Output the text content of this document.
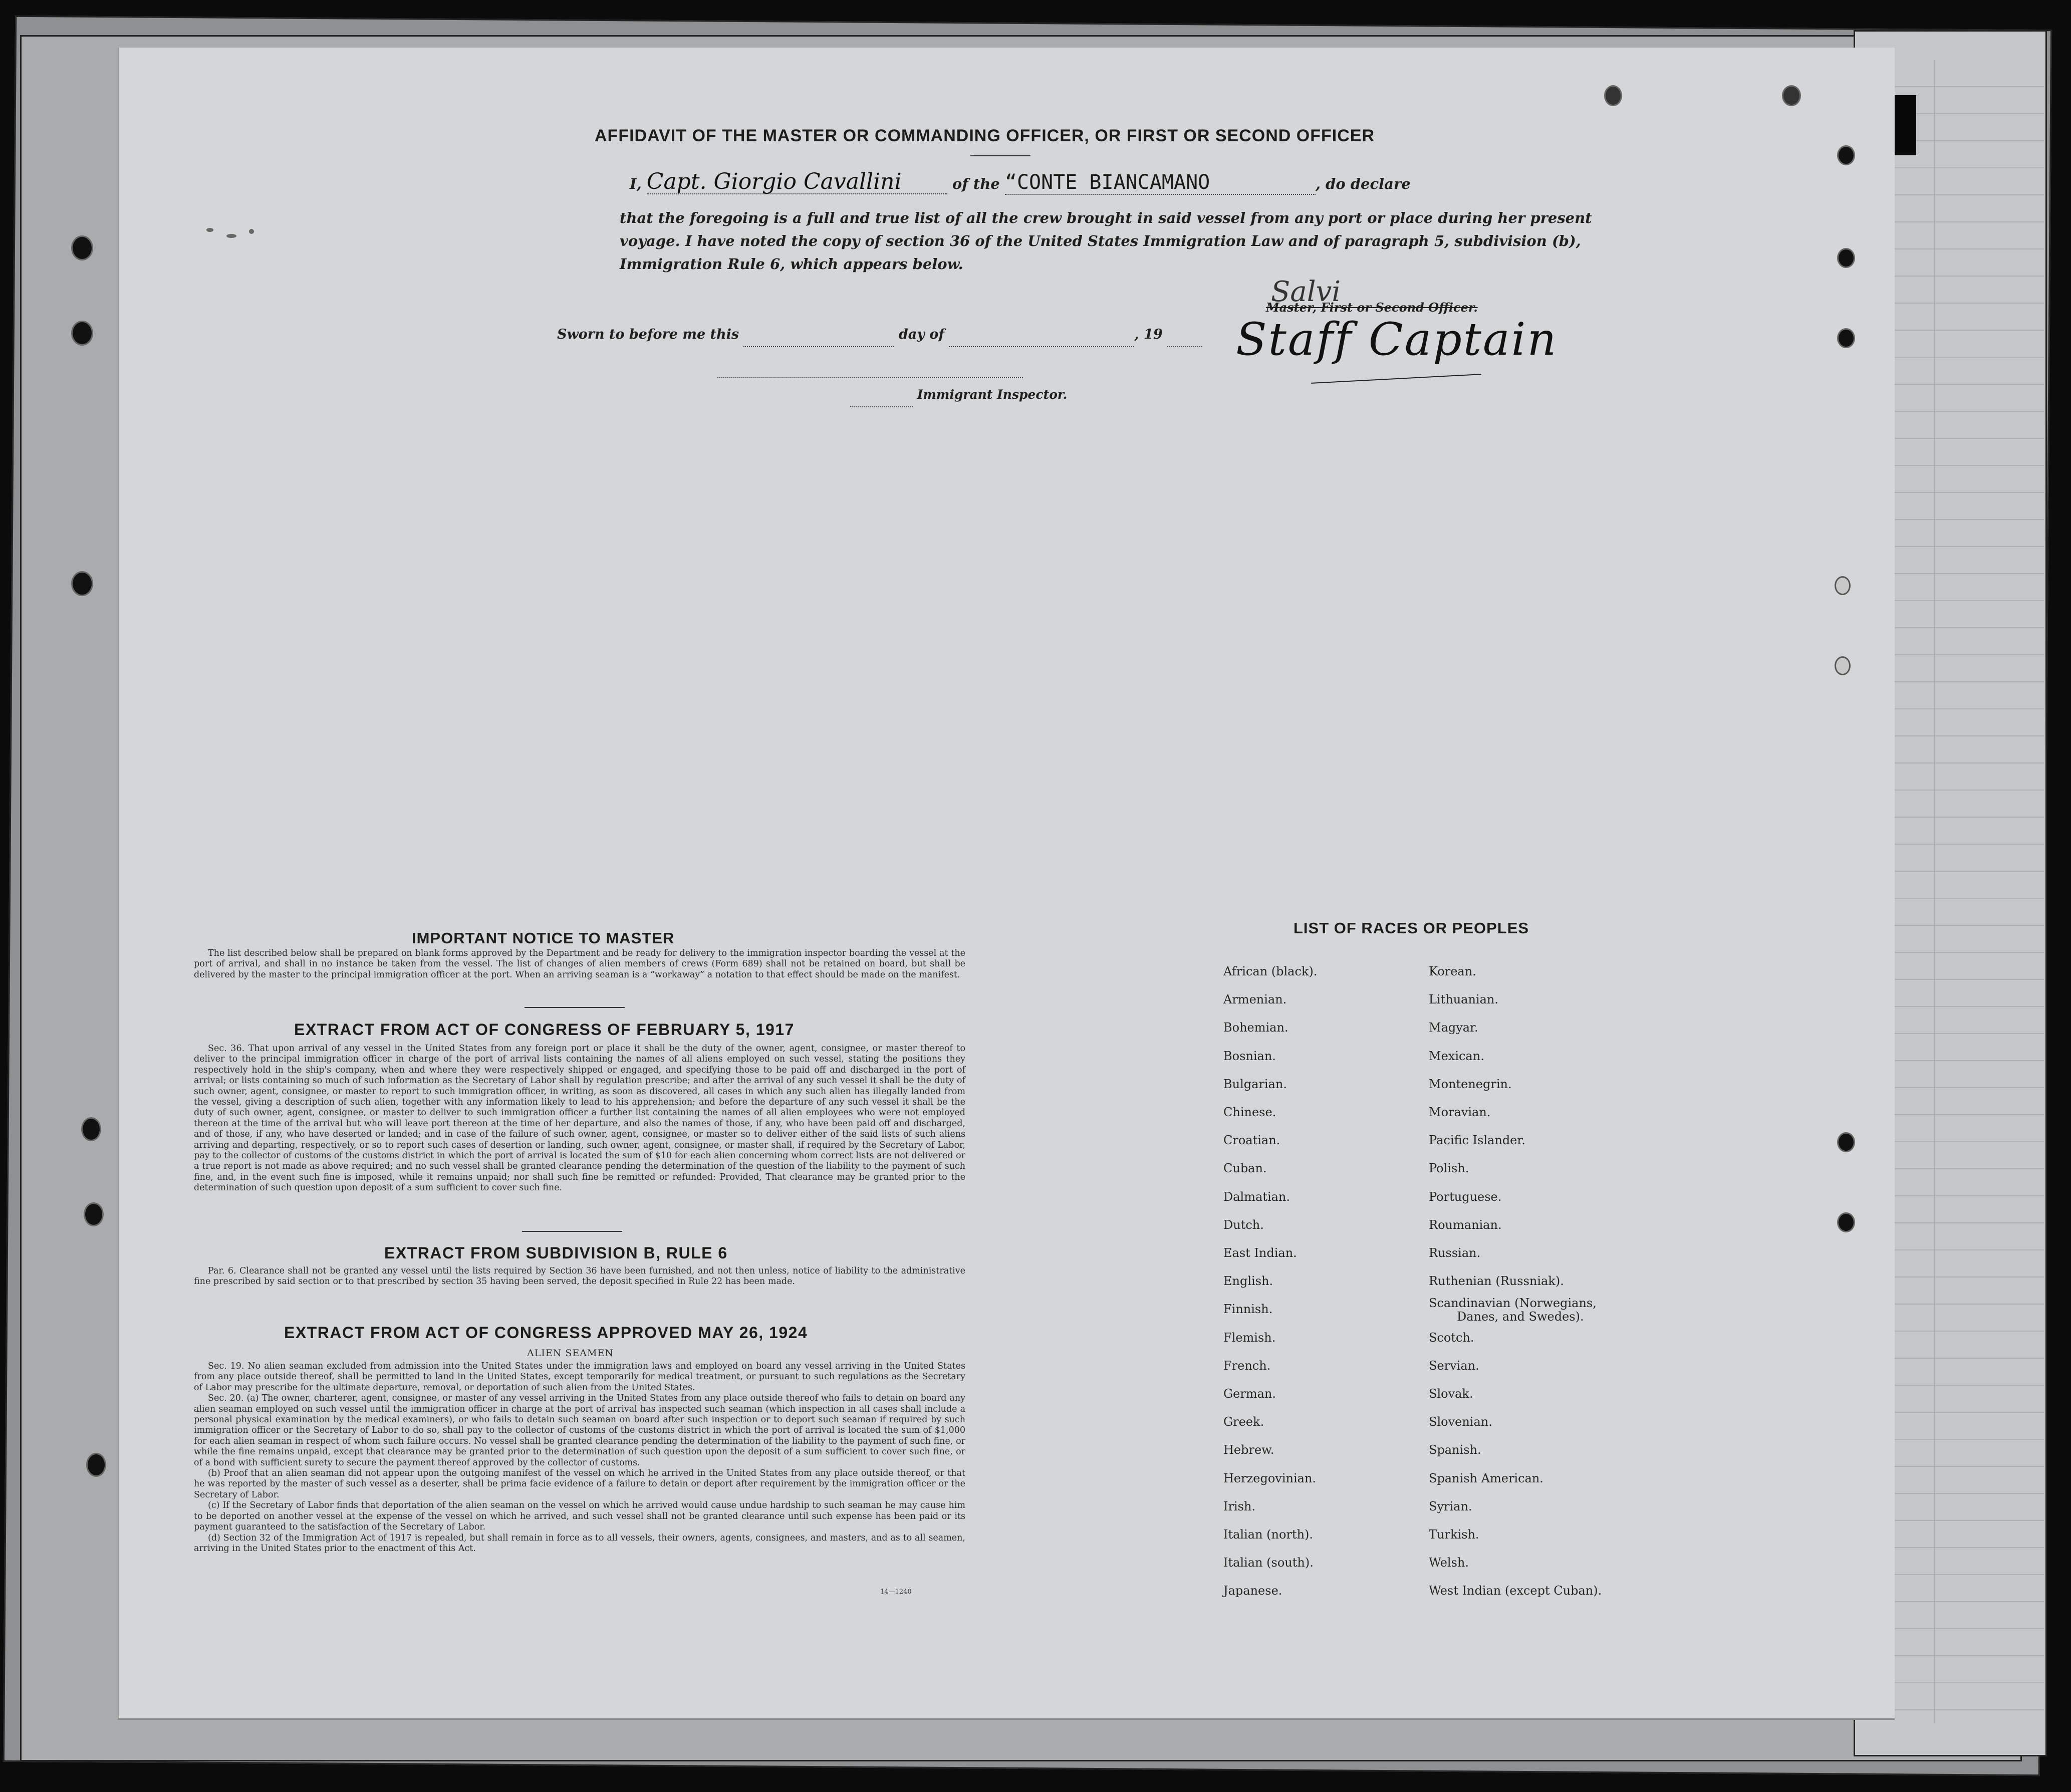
AFFIDAVIT OF THE MASTER OR COMMANDING OFFICER, OR FIRST OR SECOND OFFICER
I, Capt. Giorgio Cavallini	of the “CONTE BIANCAMANO	, do declare
that the foregoing is a full and true list of all the crew brought in said vessel from any port or place during her present
voyage. I have noted the copy of section 36 of the United States Immigration Law and of paragraph 5, subdivision (b),
Immigration Rule 6, which appears below.
Salvi
Master, First or Second Officer.
Staff Captain
Sworn to before me this	day of	, 19
Immigrant Inspector.
IMPORTANT NOTICE TO MASTER
The list described below shall be prepared on blank forms approved by the Department and be ready for delivery to the immigration inspector boarding the vessel at the port of arrival, and shall in no instance be taken from the vessel. The list of changes of alien members of crews (Form 689) shall not be retained on board, but shall be delivered by the master to the principal immigration officer at the port. When an arriving seaman is a “workaway” a notation to that effect should be made on the manifest.
EXTRACT FROM ACT OF CONGRESS OF FEBRUARY 5, 1917
Sec. 36. That upon arrival of any vessel in the United States from any foreign port or place it shall be the duty of the owner, agent, consignee, or master thereof to deliver to the principal immigration officer in charge of the port of arrival lists containing the names of all aliens employed on such vessel, stating the positions they respectively hold in the ship's company, when and where they were respectively shipped or engaged, and specifying those to be paid off and discharged in the port of arrival; or lists containing so much of such information as the Secretary of Labor shall by regulation prescribe; and after the arrival of any such vessel it shall be the duty of such owner, agent, consignee, or master to report to such immigration officer, in writing, as soon as discovered, all cases in which any such alien has illegally landed from the vessel, giving a description of such alien, together with any information likely to lead to his apprehension; and before the departure of any such vessel it shall be the duty of such owner, agent, consignee, or master to deliver to such immigration officer a further list containing the names of all alien employees who were not employed thereon at the time of the arrival but who will leave port thereon at the time of her departure, and also the names of those, if any, who have been paid off and discharged, and of those, if any, who have deserted or landed; and in case of the failure of such owner, agent, consignee, or master so to deliver either of the said lists of such aliens arriving and departing, respectively, or so to report such cases of desertion or landing, such owner, agent, consignee, or master shall, if required by the Secretary of Labor, pay to the collector of customs of the customs district in which the port of arrival is located the sum of $10 for each alien concerning whom correct lists are not delivered or a true report is not made as above required; and no such vessel shall be granted clearance pending the determination of the question of the liability to the payment of such fine, and, in the event such fine is imposed, while it remains unpaid; nor shall such fine be remitted or refunded: Provided, That clearance may be granted prior to the determination of such question upon deposit of a sum sufficient to cover such fine.
EXTRACT FROM SUBDIVISION B, RULE 6
Par. 6. Clearance shall not be granted any vessel until the lists required by Section 36 have been furnished, and not then unless, notice of liability to the administrative fine prescribed by said section or to that prescribed by section 35 having been served, the deposit specified in Rule 22 has been made.
EXTRACT FROM ACT OF CONGRESS APPROVED MAY 26, 1924
ALIEN SEAMEN
Sec. 19. No alien seaman excluded from admission into the United States under the immigration laws and employed on board any vessel arriving in the United States from any place outside thereof, shall be permitted to land in the United States, except temporarily for medical treatment, or pursuant to such regulations as the Secretary of Labor may prescribe for the ultimate departure, removal, or deportation of such alien from the United States.
Sec. 20. (a) The owner, charterer, agent, consignee, or master of any vessel arriving in the United States from any place outside thereof who fails to detain on board any alien seaman employed on such vessel until the immigration officer in charge at the port of arrival has inspected such seaman (which inspection in all cases shall include a personal physical examination by the medical examiners), or who fails to detain such seaman on board after such inspection or to deport such seaman if required by such immigration officer or the Secretary of Labor to do so, shall pay to the collector of customs of the customs district in which the port of arrival is located the sum of $1,000 for each alien seaman in respect of whom such failure occurs. No vessel shall be granted clearance pending the determination of the liability to the payment of such fine, or while the fine remains unpaid, except that clearance may be granted prior to the determination of such question upon the deposit of a sum sufficient to cover such fine, or of a bond with sufficient surety to secure the payment thereof approved by the collector of customs.
(b) Proof that an alien seaman did not appear upon the outgoing manifest of the vessel on which he arrived in the United States from any place outside thereof, or that he was reported by the master of such vessel as a deserter, shall be prima facie evidence of a failure to detain or deport after requirement by the immigration officer or the Secretary of Labor.
(c) If the Secretary of Labor finds that deportation of the alien seaman on the vessel on which he arrived would cause undue hardship to such seaman he may cause him to be deported on another vessel at the expense of the vessel on which he arrived, and such vessel shall not be granted clearance until such expense has been paid or its payment guaranteed to the satisfaction of the Secretary of Labor.
(d) Section 32 of the Immigration Act of 1917 is repealed, but shall remain in force as to all vessels, their owners, agents, consignees, and masters, and as to all seamen, arriving in the United States prior to the enactment of this Act.
14—1240
LIST OF RACES OR PEOPLES
African (black).
Armenian.
Bohemian.
Bosnian.
Bulgarian.
Chinese.
Croatian.
Cuban.
Dalmatian.
Dutch.
East Indian.
English.
Finnish.
Flemish.
French.
German.
Greek.
Hebrew.
Herzegovinian.
Irish.
Italian (north).
Italian (south).
Japanese.
Korean.
Lithuanian.
Magyar.
Mexican.
Montenegrin.
Moravian.
Pacific Islander.
Polish.
Portuguese.
Roumanian.
Russian.
Ruthenian (Russniak).
Scandinavian (Norwegians,
Scotch.
Servian.
Slovak.
Slovenian.
Spanish.
Spanish American.
Syrian.
Turkish.
Welsh.
West Indian (except Cuban).
Danes, and Swedes).
